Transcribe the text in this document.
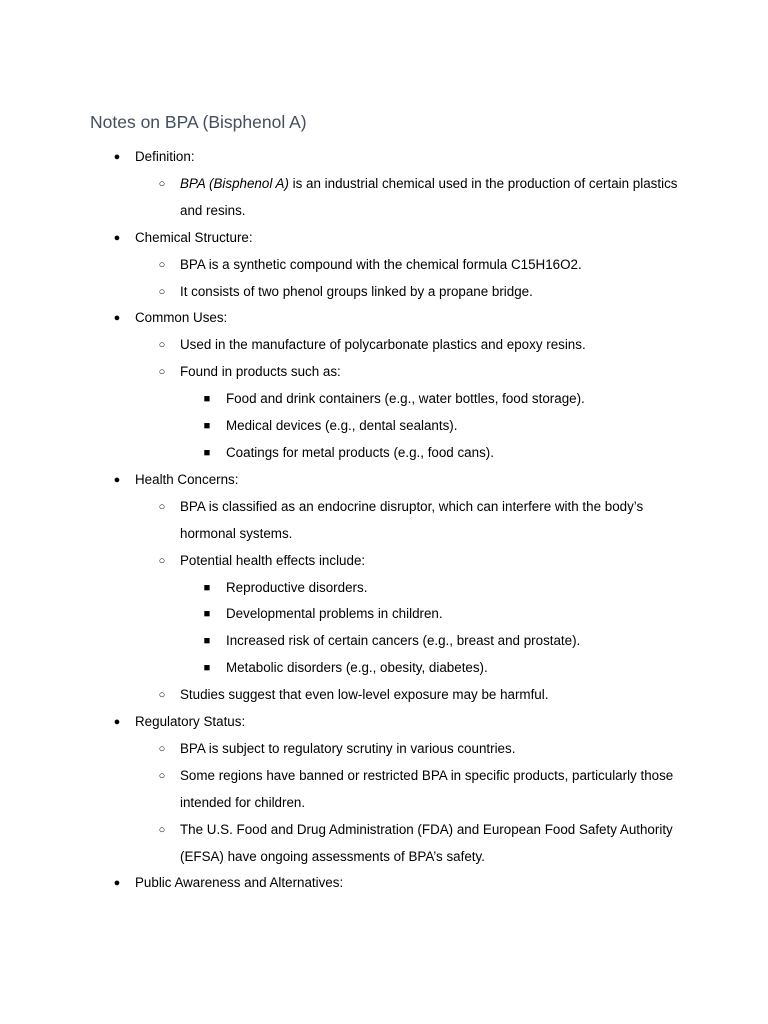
Notes on BPA (Bisphenol A)
● Definition:
○ BPA (Bisphenol A) is an industrial chemical used in the production of certain plastics and resins.
● Chemical Structure:
○ BPA is a synthetic compound with the chemical formula C15H16O2.
○ It consists of two phenol groups linked by a propane bridge.
● Common Uses:
○ Used in the manufacture of polycarbonate plastics and epoxy resins.
○ Found in products such as:
■ Food and drink containers (e.g., water bottles, food storage).
■ Medical devices (e.g., dental sealants).
■ Coatings for metal products (e.g., food cans).
● Health Concerns:
○ BPA is classified as an endocrine disruptor, which can interfere with the body’s hormonal systems.
○ Potential health effects include:
■ Reproductive disorders.
■ Developmental problems in children.
■ Increased risk of certain cancers (e.g., breast and prostate).
■ Metabolic disorders (e.g., obesity, diabetes).
○ Studies suggest that even low-level exposure may be harmful.
● Regulatory Status:
○ BPA is subject to regulatory scrutiny in various countries.
○ Some regions have banned or restricted BPA in specific products, particularly those intended for children.
○ The U.S. Food and Drug Administration (FDA) and European Food Safety Authority (EFSA) have ongoing assessments of BPA’s safety.
● Public Awareness and Alternatives:
